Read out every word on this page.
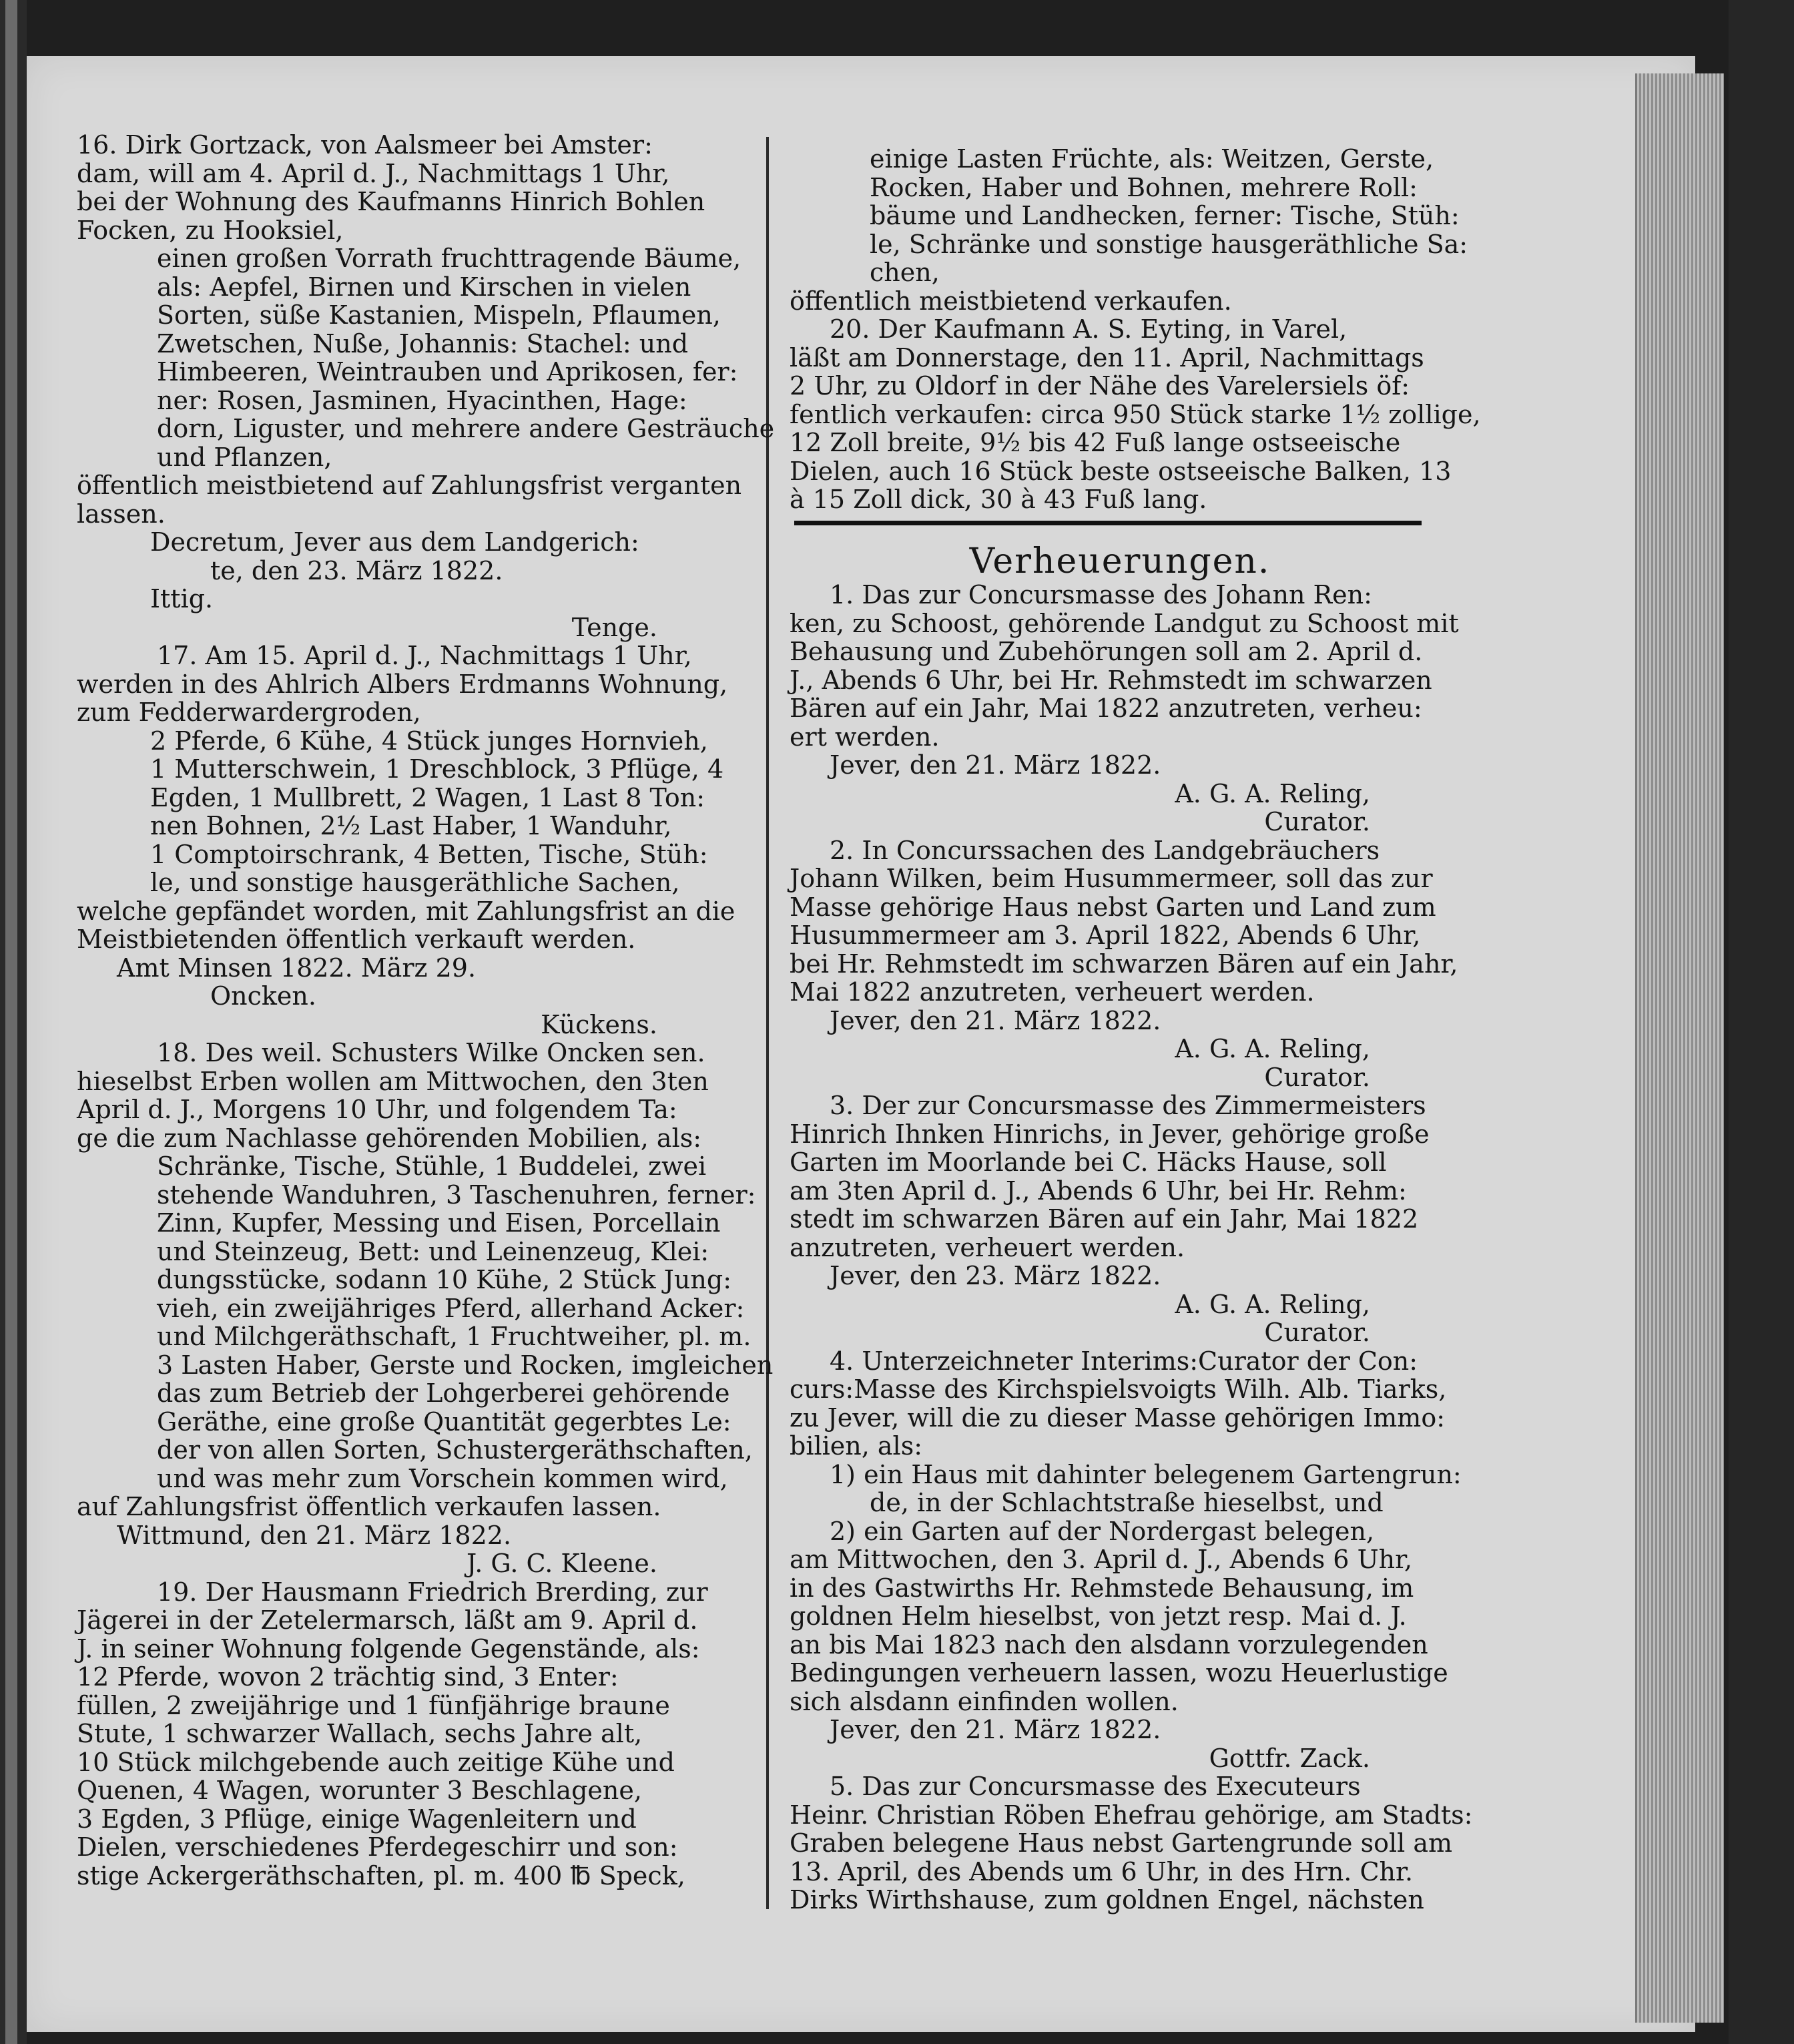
16. Dirk Gortzack, von Aalsmeer bei Amster:

dam, will am 4. April d. J., Nachmittags 1 Uhr,

bei der Wohnung des Kaufmanns Hinrich Bohlen

Focken, zu Hooksiel,

einen großen Vorrath fruchttragende Bäume,

als: Aepfel, Birnen und Kirschen in vielen

Sorten, süße Kastanien, Mispeln, Pflaumen,

Zwetschen, Nuße, Johannis: Stachel: und

Himbeeren, Weintrauben und Aprikosen, fer:

ner: Rosen, Jasminen, Hyacinthen, Hage:

dorn, Liguster, und mehrere andere Gesträuche

und Pflanzen,

öffentlich meistbietend auf Zahlungsfrist verganten

lassen.

Decretum, Jever aus dem Landgerich:

te, den 23. März 1822.

Ittig.

Tenge.

17. Am 15. April d. J., Nachmittags 1 Uhr,

werden in des Ahlrich Albers Erdmanns Wohnung,

zum Fedderwardergroden,

2 Pferde, 6 Kühe, 4 Stück junges Hornvieh,

1 Mutterschwein, 1 Dreschblock, 3 Pflüge, 4

Egden, 1 Mullbrett, 2 Wagen, 1 Last 8 Ton:

nen Bohnen, 2½ Last Haber, 1 Wanduhr,

1 Comptoirschrank, 4 Betten, Tische, Stüh:

le, und sonstige hausgeräthliche Sachen,

welche gepfändet worden, mit Zahlungsfrist an die

Meistbietenden öffentlich verkauft werden.

Amt Minsen 1822. März 29.

Oncken.

Kückens.

18. Des weil. Schusters Wilke Oncken sen.

hieselbst Erben wollen am Mittwochen, den 3ten

April d. J., Morgens 10 Uhr, und folgendem Ta:

ge die zum Nachlasse gehörenden Mobilien, als:

Schränke, Tische, Stühle, 1 Buddelei, zwei

stehende Wanduhren, 3 Taschenuhren, ferner:

Zinn, Kupfer, Messing und Eisen, Porcellain

und Steinzeug, Bett: und Leinenzeug, Klei:

dungsstücke, sodann 10 Kühe, 2 Stück Jung:

vieh, ein zweijähriges Pferd, allerhand Acker:

und Milchgeräthschaft, 1 Fruchtweiher, pl. m.

3 Lasten Haber, Gerste und Rocken, imgleichen

das zum Betrieb der Lohgerberei gehörende

Geräthe, eine große Quantität gegerbtes Le:

der von allen Sorten, Schustergeräthschaften,

und was mehr zum Vorschein kommen wird,

auf Zahlungsfrist öffentlich verkaufen lassen.

Wittmund, den 21. März 1822.

J. G. C. Kleene.

19. Der Hausmann Friedrich Brerding, zur

Jägerei in der Zetelermarsch, läßt am 9. April d.

J. in seiner Wohnung folgende Gegenstände, als:

12 Pferde, wovon 2 trächtig sind, 3 Enter:

füllen, 2 zweijährige und 1 fünfjährige braune

Stute, 1 schwarzer Wallach, sechs Jahre alt,

10 Stück milchgebende auch zeitige Kühe und

Quenen, 4 Wagen, worunter 3 Beschlagene,

3 Egden, 3 Pflüge, einige Wagenleitern und

Dielen, verschiedenes Pferdegeschirr und son:

stige Ackergeräthschaften, pl. m. 400 ℔ Speck,

einige Lasten Früchte, als: Weitzen, Gerste,

Rocken, Haber und Bohnen, mehrere Roll:

bäume und Landhecken, ferner: Tische, Stüh:

le, Schränke und sonstige hausgeräthliche Sa:

chen,

öffentlich meistbietend verkaufen.

20. Der Kaufmann A. S. Eyting, in Varel,

läßt am Donnerstage, den 11. April, Nachmittags

2 Uhr, zu Oldorf in der Nähe des Varelersiels öf:

fentlich verkaufen: circa 950 Stück starke 1½ zollige,

12 Zoll breite, 9½ bis 42 Fuß lange ostseeische

Dielen, auch 16 Stück beste ostseeische Balken, 13

à 15 Zoll dick, 30 à 43 Fuß lang.

Verheuerungen.

1. Das zur Concursmasse des Johann Ren:

ken, zu Schoost, gehörende Landgut zu Schoost mit

Behausung und Zubehörungen soll am 2. April d.

J., Abends 6 Uhr, bei Hr. Rehmstedt im schwarzen

Bären auf ein Jahr, Mai 1822 anzutreten, verheu:

ert werden.

Jever, den 21. März 1822.

A. G. A. Reling,

Curator.

2. In Concurssachen des Landgebräuchers

Johann Wilken, beim Husummermeer, soll das zur

Masse gehörige Haus nebst Garten und Land zum

Husummermeer am 3. April 1822, Abends 6 Uhr,

bei Hr. Rehmstedt im schwarzen Bären auf ein Jahr,

Mai 1822 anzutreten, verheuert werden.

Jever, den 21. März 1822.

A. G. A. Reling,

Curator.

3. Der zur Concursmasse des Zimmermeisters

Hinrich Ihnken Hinrichs, in Jever, gehörige große

Garten im Moorlande bei C. Häcks Hause, soll

am 3ten April d. J., Abends 6 Uhr, bei Hr. Rehm:

stedt im schwarzen Bären auf ein Jahr, Mai 1822

anzutreten, verheuert werden.

Jever, den 23. März 1822.

A. G. A. Reling,

Curator.

4. Unterzeichneter Interims:Curator der Con:

curs:Masse des Kirchspielsvoigts Wilh. Alb. Tiarks,

zu Jever, will die zu dieser Masse gehörigen Immo:

bilien, als:

1) ein Haus mit dahinter belegenem Gartengrun:

de, in der Schlachtstraße hieselbst, und

2) ein Garten auf der Nordergast belegen,

am Mittwochen, den 3. April d. J., Abends 6 Uhr,

in des Gastwirths Hr. Rehmstede Behausung, im

goldnen Helm hieselbst, von jetzt resp. Mai d. J.

an bis Mai 1823 nach den alsdann vorzulegenden

Bedingungen verheuern lassen, wozu Heuerlustige

sich alsdann einfinden wollen.

Jever, den 21. März 1822.

Gottfr. Zack.

5. Das zur Concursmasse des Executeurs

Heinr. Christian Röben Ehefrau gehörige, am Stadts:

Graben belegene Haus nebst Gartengrunde soll am

13. April, des Abends um 6 Uhr, in des Hrn. Chr.

Dirks Wirthshause, zum goldnen Engel, nächsten
